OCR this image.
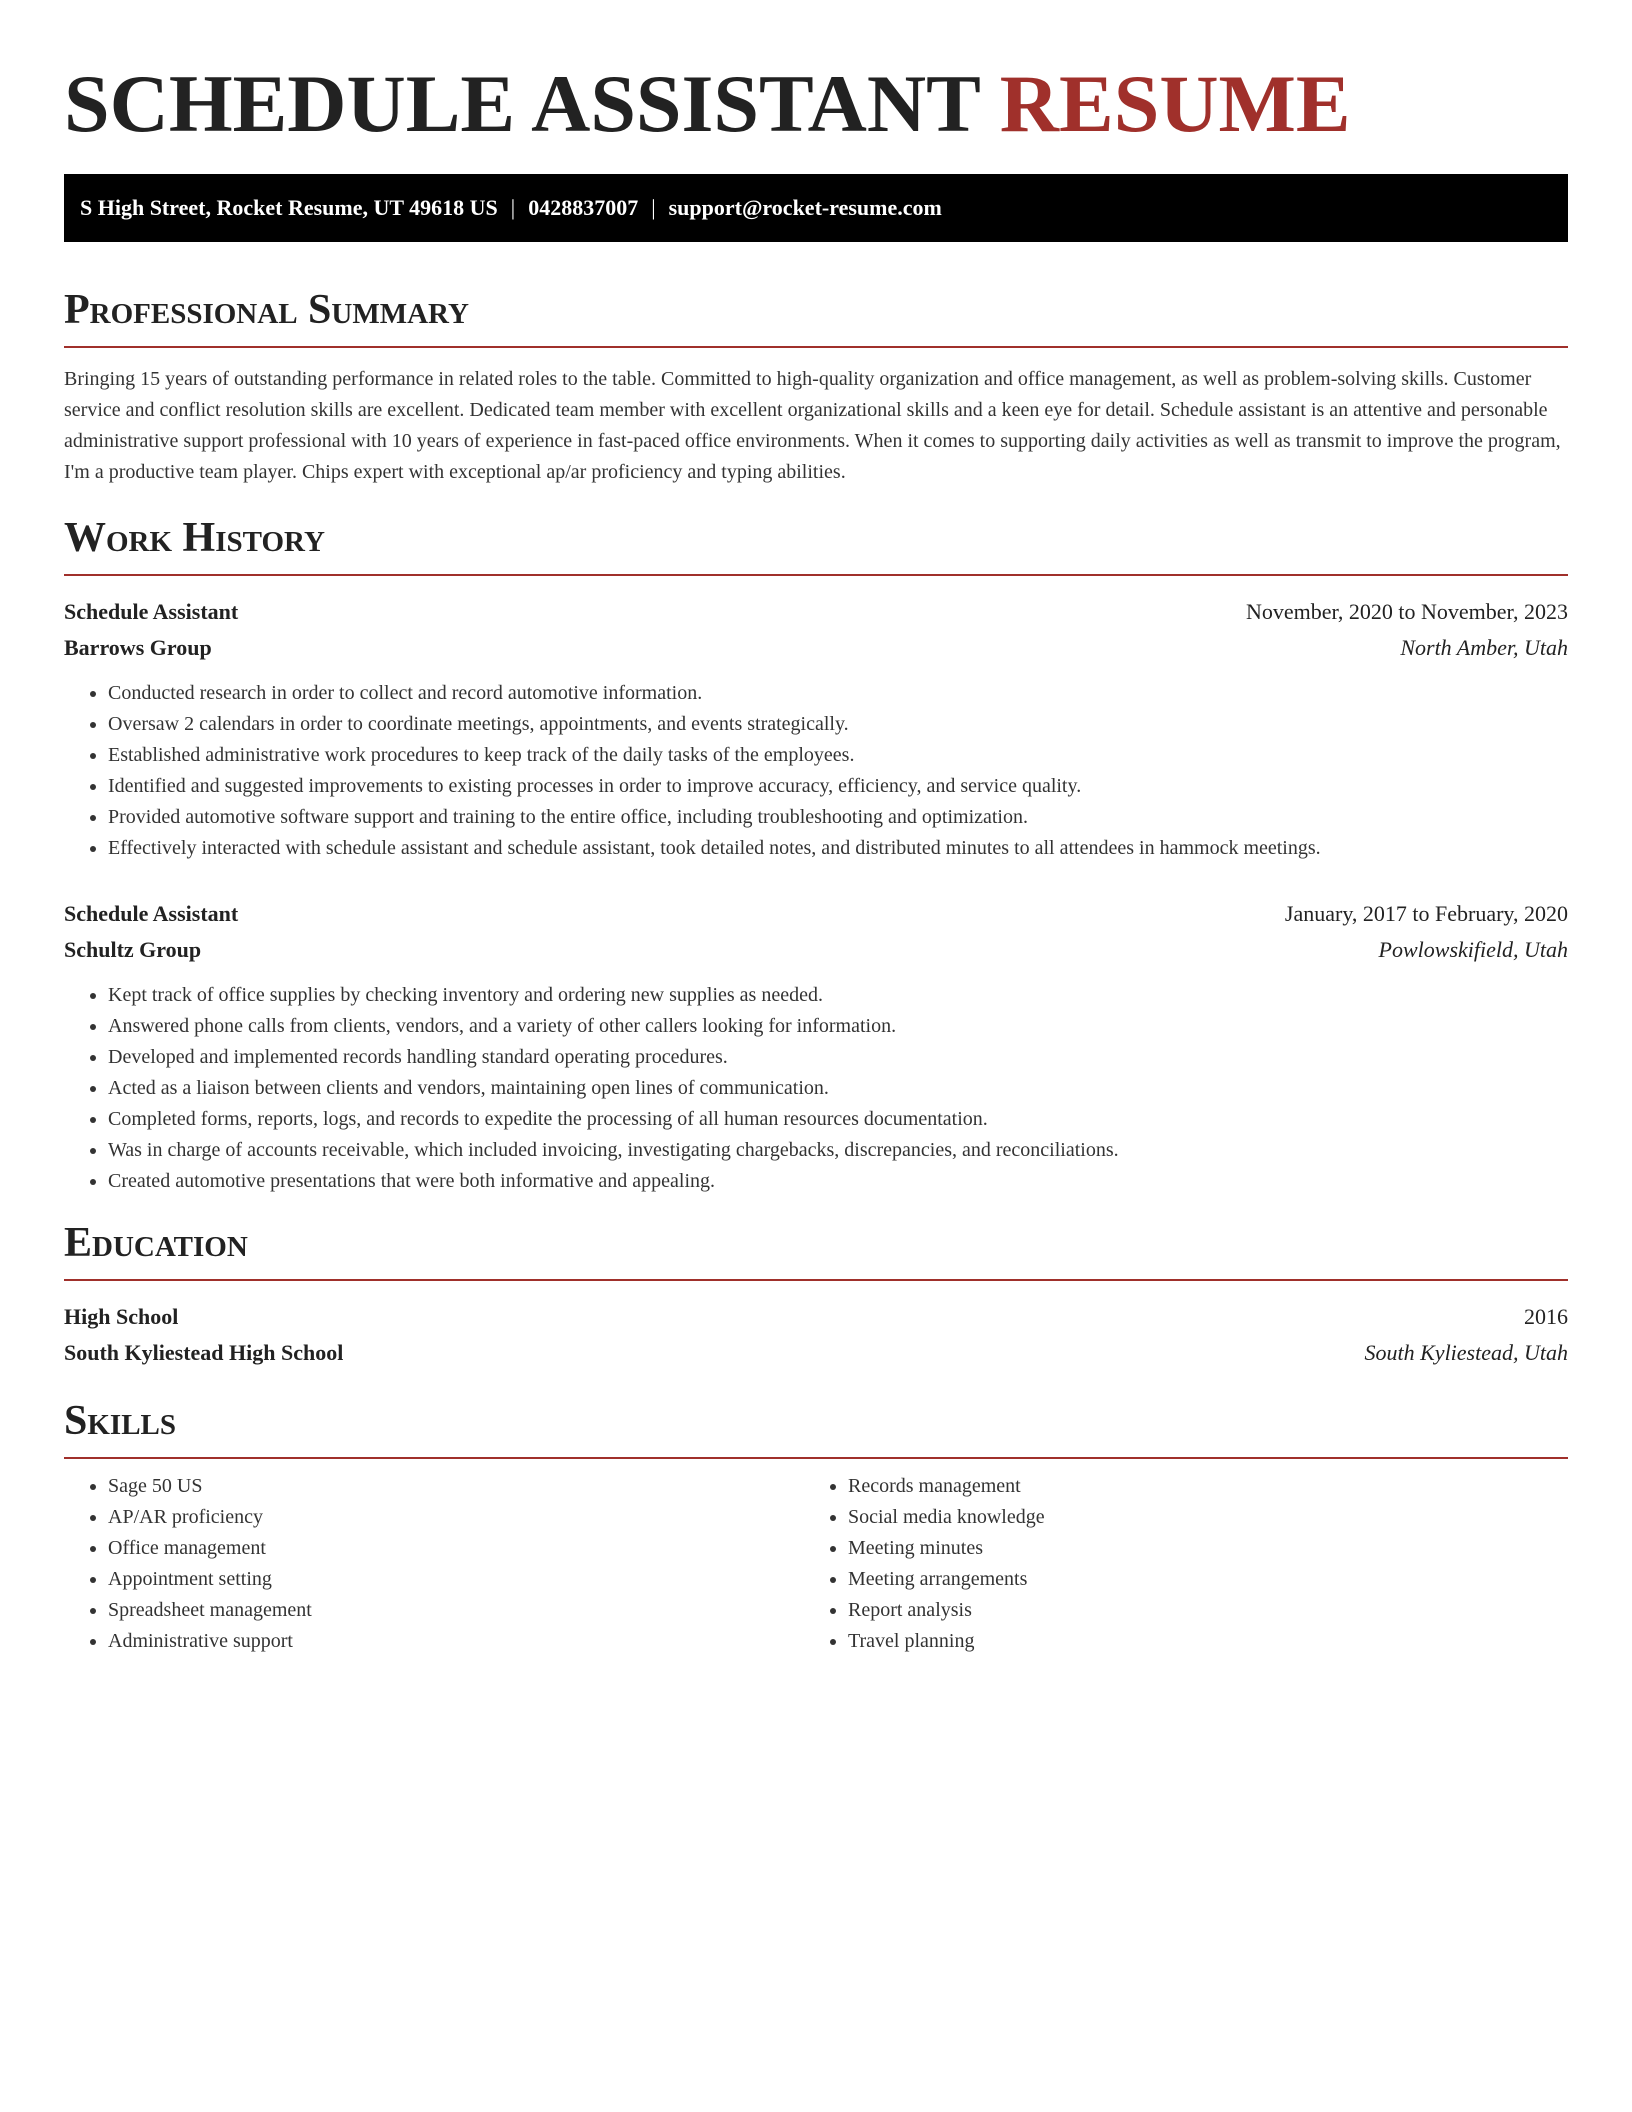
SCHEDULE ASSISTANT RESUME
S High Street, Rocket Resume, UT 49618 US | 0428837007 | support@rocket-resume.com
Professional Summary

Bringing 15 years of outstanding performance in related roles to the table. Committed to high-quality organization and office management, as well as problem-solving skills. Customer service and conflict resolution skills are excellent. Dedicated team member with excellent organizational skills and a keen eye for detail. Schedule assistant is an attentive and personable administrative support professional with 10 years of experience in fast-paced office environments. When it comes to supporting daily activities as well as transmit to improve the program, I'm a productive team player. Chips expert with exceptional ap/ar proficiency and typing abilities.

Work History
Schedule Assistant	November, 2020 to November, 2023
Barrows Group	North Amber, Utah
• Conducted research in order to collect and record automotive information.
• Oversaw 2 calendars in order to coordinate meetings, appointments, and events strategically.
• Established administrative work procedures to keep track of the daily tasks of the employees.
• Identified and suggested improvements to existing processes in order to improve accuracy, efficiency, and service quality.
• Provided automotive software support and training to the entire office, including troubleshooting and optimization.
• Effectively interacted with schedule assistant and schedule assistant, took detailed notes, and distributed minutes to all attendees in hammock meetings.
Schedule Assistant	January, 2017 to February, 2020
Schultz Group	Powlowskifield, Utah
• Kept track of office supplies by checking inventory and ordering new supplies as needed.
• Answered phone calls from clients, vendors, and a variety of other callers looking for information.
• Developed and implemented records handling standard operating procedures.
• Acted as a liaison between clients and vendors, maintaining open lines of communication.
• Completed forms, reports, logs, and records to expedite the processing of all human resources documentation.
• Was in charge of accounts receivable, which included invoicing, investigating chargebacks, discrepancies, and reconciliations.
• Created automotive presentations that were both informative and appealing.
Education
High School	2016
South Kyliestead High School	South Kyliestead, Utah
Skills
• Sage 50 US
• AP/AR proficiency
• Office management
• Appointment setting
• Spreadsheet management
• Administrative support
• Records management
• Social media knowledge
• Meeting minutes
• Meeting arrangements
• Report analysis
• Travel planning
